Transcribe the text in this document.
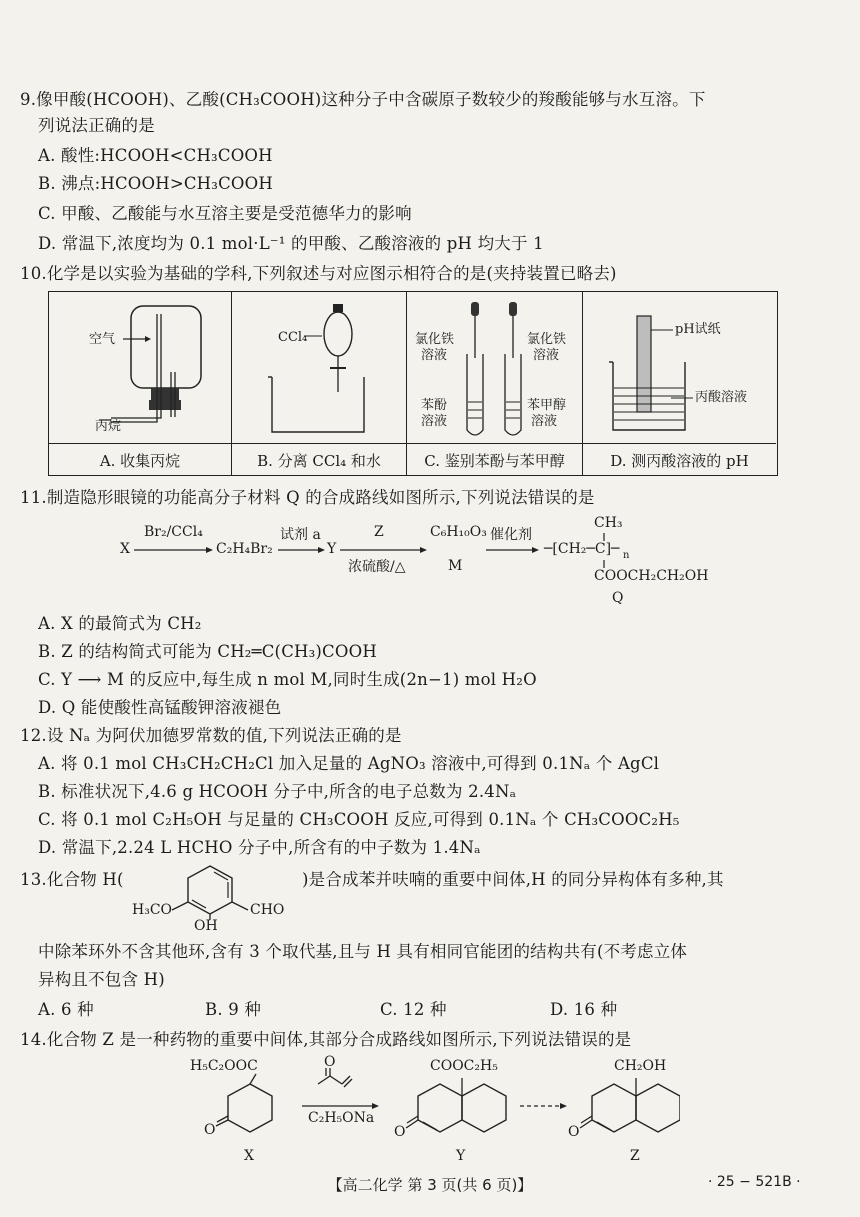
9.像甲酸(HCOOH)、乙酸(CH₃COOH)这种分子中含碳原子数较少的羧酸能够与水互溶。下

列说法正确的是

A. 酸性:HCOOH<CH₃COOH

B. 沸点:HCOOH>CH₃COOH

C. 甲酸、乙酸能与水互溶主要是受范德华力的影响

D. 常温下,浓度均为 0.1 mol·L⁻¹ 的甲酸、乙酸溶液的 pH 均大于 1

10.化学是以实验为基础的学科,下列叙述与对应图示相符合的是(夹持装置已略去)

空气
丙烷
CCl₄	氯化铁
溶液
氯化铁
溶液
苯酚
溶液
苯甲醇
溶液
pH试纸
丙酸溶液
A. 收集丙烷	B. 分离 CCl₄ 和水	C. 鉴别苯酚与苯甲醇	D. 测丙酸溶液的 pH

11.制造隐形眼镜的功能高分子材料 Q 的合成路线如图所示,下列说法错误的是

X
Br₂/CCl₄
C₂H₄Br₂
试剂 a
Y
Z
浓硫酸/△
C₆H₁₀O₃
M
催化剂
CH₃
─[CH₂─C]─ n
COOCH₂CH₂OH
Q

A. X 的最简式为 CH₂

B. Z 的结构简式可能为 CH₂═C(CH₃)COOH

C. Y ⟶ M 的反应中,每生成 n mol M,同时生成(2n−1) mol H₂O

D. Q 能使酸性高锰酸钾溶液褪色

12.设 Nₐ 为阿伏加德罗常数的值,下列说法正确的是

A. 将 0.1 mol CH₃CH₂CH₂Cl 加入足量的 AgNO₃ 溶液中,可得到 0.1Nₐ 个 AgCl

B. 标准状况下,4.6 g HCOOH 分子中,所含的电子总数为 2.4Nₐ

C. 将 0.1 mol C₂H₅OH 与足量的 CH₃COOH 反应,可得到 0.1Nₐ 个 CH₃COOC₂H₅

D. 常温下,2.24 L HCHO 分子中,所含有的中子数为 1.4Nₐ

13.化合物 H(

H₃CO
OH
CHO

)是合成苯并呋喃的重要中间体,H 的同分异构体有多种,其

中除苯环外不含其他环,含有 3 个取代基,且与 H 具有相同官能团的结构共有(不考虑立体

异构且不包含 H)

A. 6 种	B. 9 种	C. 12 种	D. 16 种

14.化合物 Z 是一种药物的重要中间体,其部分合成路线如图所示,下列说法错误的是

H₅C₂OOC
O
O
C₂H₅ONa
COOC₂H₅
O
CH₂OH
O
X	Y	Z
【高二化学 第 3 页(共 6 页)】	· 25 − 521B ·
